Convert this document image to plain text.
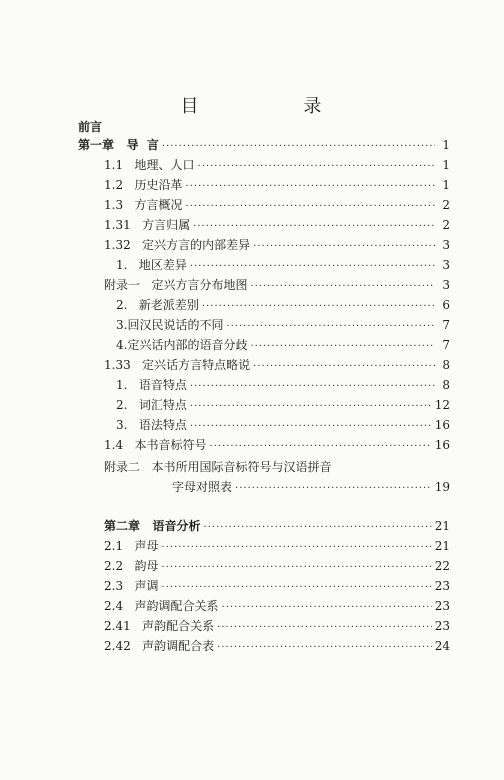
目    录
前言
第一章   导  言 ·····	1
1.1   地理、人口 ·····	1
1.2   历史沿革 ·····	1
1.3   方言概况 ·····	2
1.31   方言归属 ·····	2
1.32   定兴方言的内部差异 ·····	3
1.   地区差异 ·····	3
附录一   定兴方言分布地图 ·····	3
2.   新老派差别 ·····	6
3.回汉民说话的不同 ·····	7
4.定兴话内部的语音分歧 ·····	7
1.33   定兴话方言特点略说 ·····	8
1.   语音特点 ·····	8
2.   词汇特点 ·····	12
3.   语法特点 ·····	16
1.4   本书音标符号 ·····	16
附录二   本书所用国际音标符号与汉语拼音
字母对照表 ·····	19
第二章   语音分析 ·····	21
2.1   声母 ·····	21
2.2   韵母 ·····	22
2.3   声调 ·····	23
2.4   声韵调配合关系 ·····	23
2.41   声韵配合关系 ·····	23
2.42   声韵调配合表 ·····	24
